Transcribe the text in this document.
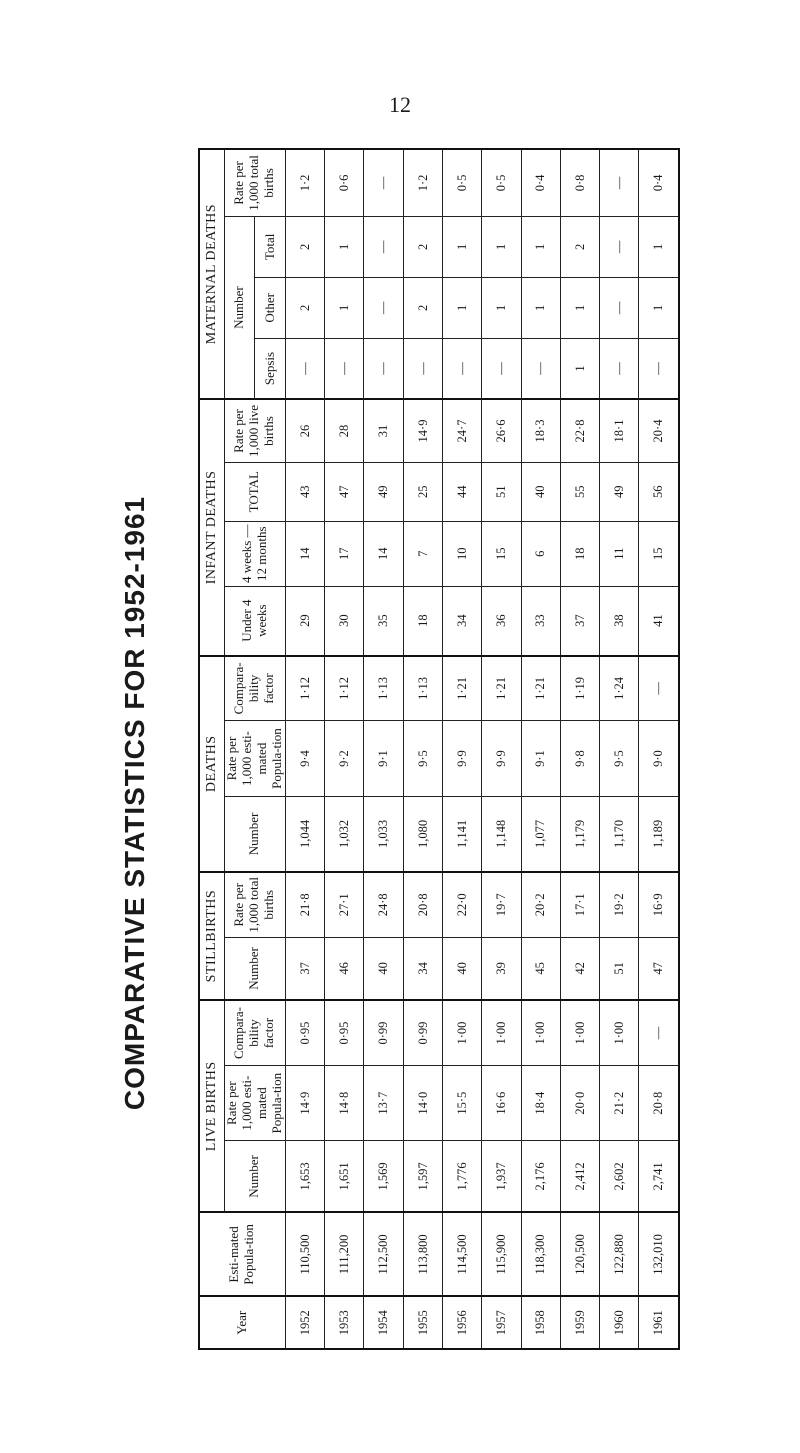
12
COMPARATIVE STATISTICS FOR 1952-1961
Year	Esti-mated Popula-tion	LIVE BIRTHS			STILLBIRTHS		DEATHS			INFANT DEATHS				MATERNAL DEATHS			
		Number	Rate per 1,000 esti-mated Popula-tion	Compara-bility factor	Number	Rate per 1,000 total births	Number	Rate per 1,000 esti-mated Popula-tion	Compara-bility factor	Under 4 weeks	4 weeks —12 months	TOTAL	Rate per 1,000 live births	Number			Rate per 1,000 total births
														Sepsis	Other	Total	
1952	110,500	1,653	14·9	0·95	37	21·8	1,044	9·4	1·12	29	14	43	26	—	2	2	1·2
1953	111,200	1,651	14·8	0·95	46	27·1	1,032	9·2	1·12	30	17	47	28	—	1	1	0·6
1954	112,500	1,569	13·7	0·99	40	24·8	1,033	9·1	1·13	35	14	49	31	—	—	—	—
1955	113,800	1,597	14·0	0·99	34	20·8	1,080	9·5	1·13	18	7	25	14·9	—	2	2	1·2
1956	114,500	1,776	15·5	1·00	40	22·0	1,141	9·9	1·21	34	10	44	24·7	—	1	1	0·5
1957	115,900	1,937	16·6	1·00	39	19·7	1,148	9·9	1·21	36	15	51	26·6	—	1	1	0·5
1958	118,300	2,176	18·4	1·00	45	20·2	1,077	9·1	1·21	33	6	40	18·3	—	1	1	0·4
1959	120,500	2,412	20·0	1·00	42	17·1	1,179	9·8	1·19	37	18	55	22·8	1	1	2	0·8
1960	122,880	2,602	21·2	1·00	51	19·2	1,170	9·5	1·24	38	11	49	18·1	—	—	—	—
1961	132,010	2,741	20·8	—	47	16·9	1,189	9·0	—	41	15	56	20·4	—	1	1	0·4
